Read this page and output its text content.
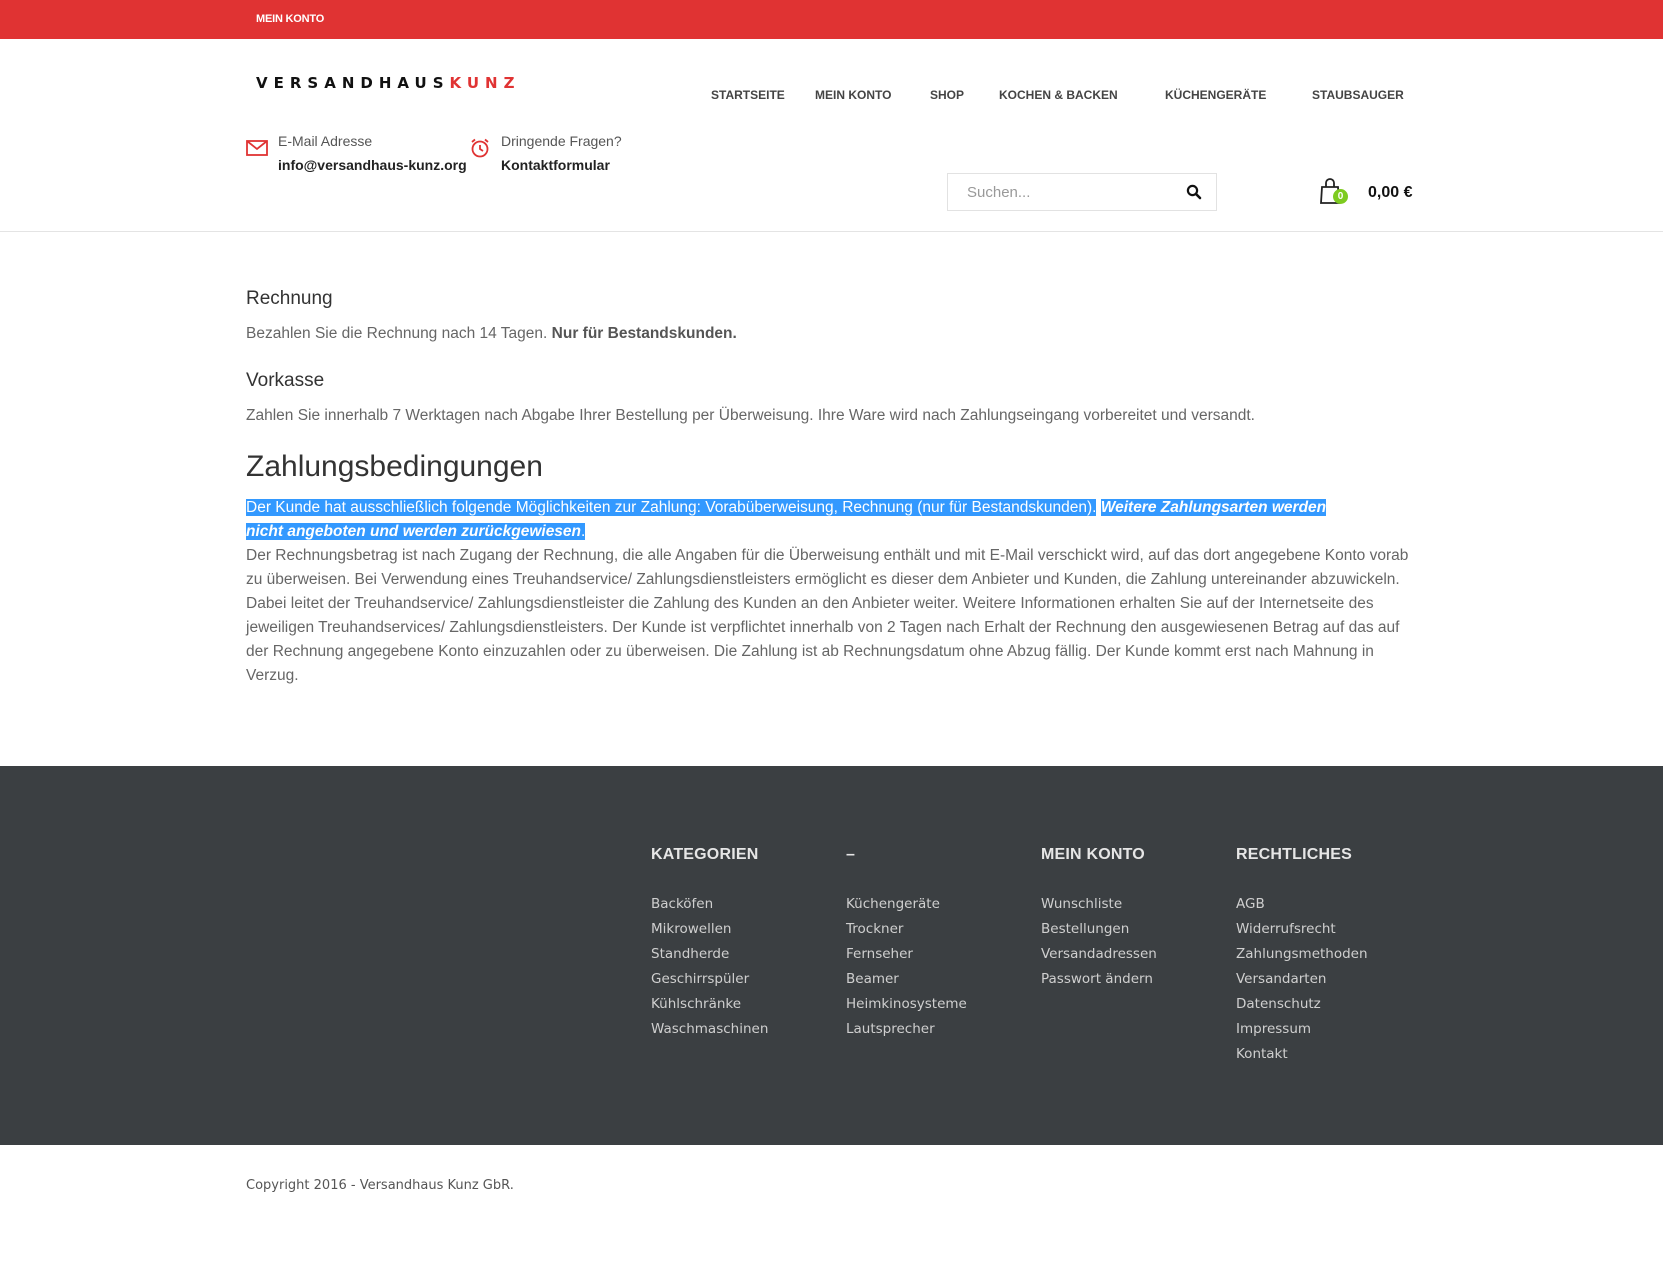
MEIN KONTO
VERSANDHAUSKUNZ
STARTSEITE	MEIN KONTO	SHOP	KOCHEN & BACKEN	KÜCHENGERÄTE	STAUBSAUGER
E-Mail Adresse
info@versandhaus-kunz.org
Dringende Fragen?
Kontaktformular
Suchen...
0 0,00 €
Rechnung

Bezahlen Sie die Rechnung nach 14 Tagen. Nur für Bestandskunden.

Vorkasse

Zahlen Sie innerhalb 7 Werktagen nach Abgabe Ihrer Bestellung per Überweisung. Ihre Ware wird nach Zahlungseingang vorbereitet und versandt.

Zahlungsbedingungen

Der Kunde hat ausschließlich folgende Möglichkeiten zur Zahlung: Vorabüberweisung, Rechnung (nur für Bestandskunden). Weitere Zahlungsarten werden nicht angeboten und werden zurückgewiesen.

Der Rechnungsbetrag ist nach Zugang der Rechnung, die alle Angaben für die Überweisung enthält und mit E-Mail verschickt wird, auf das dort angegebene Konto vorab zu überweisen. Bei Verwendung eines Treuhandservice/ Zahlungsdienstleisters ermöglicht es dieser dem Anbieter und Kunden, die Zahlung untereinander abzuwickeln. Dabei leitet der Treuhandservice/ Zahlungsdienstleister die Zahlung des Kunden an den Anbieter weiter. Weitere Informationen erhalten Sie auf der Internetseite des jeweiligen Treuhandservices/ Zahlungsdienstleisters. Der Kunde ist verpflichtet innerhalb von 2 Tagen nach Erhalt der Rechnung den ausgewiesenen Betrag auf das auf der Rechnung angegebene Konto einzuzahlen oder zu überweisen. Die Zahlung ist ab Rechnungsdatum ohne Abzug fällig. Der Kunde kommt erst nach Mahnung in Verzug.

KATEGORIEN
Backöfen
Mikrowellen
Standherde
Geschirrspüler
Kühlschränke
Waschmaschinen
–
Küchengeräte
Trockner
Fernseher
Beamer
Heimkinosysteme
Lautsprecher
MEIN KONTO
Wunschliste
Bestellungen
Versandadressen
Passwort ändern
RECHTLICHES
AGB
Widerrufsrecht
Zahlungsmethoden
Versandarten
Datenschutz
Impressum
Kontakt
Copyright 2016 - Versandhaus Kunz GbR.
